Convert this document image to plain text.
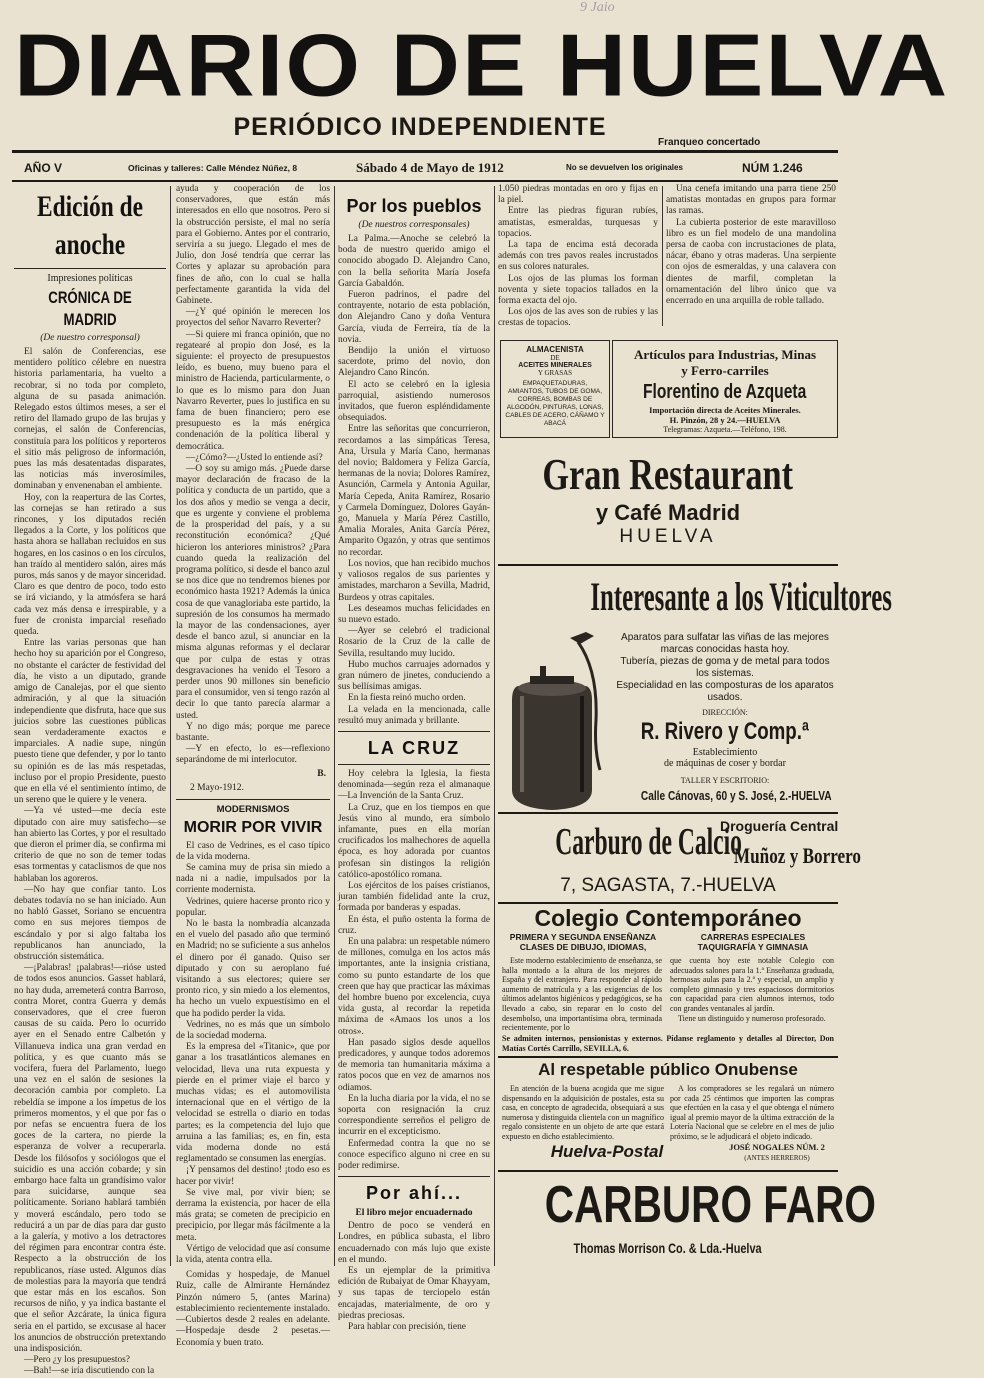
9 Jaio
DIARIO DE HUELVA
PERIÓDICO INDEPENDIENTE
Franqueo concertado
AÑO V	Oficinas y talleres: Calle Méndez Núñez, 8	Sábado 4 de Mayo de 1912	No se devuelven los originales	NÚM 1.246
Edición de anoche
Impresiones políticas
CRÓNICA DE MADRID
(De nuestro corresponsal)

El salón de Conferencias, ese mentidero político célebre en nuestra historia parlamentaria, ha vuelto a recobrar, si no toda por completo, alguna de su pasada animación. Relegado estos últimos meses, a ser el retiro del llamado grupo de las brujas y cornejas, el salón de Conferencias, constituía para los políticos y reporteros el sitio más peligroso de información, pues las más desatentadas disparates, las noticias más inverosímiles, dominaban y envenenaban el ambiente.

Hoy, con la reapertura de las Cortes, las cornejas se han retirado a sus rincones, y los diputados recién llegados a la Corte, y los políticos que hasta ahora se hallaban recluidos en sus hogares, en los casinos o en los círculos, han traído al mentidero salón, aires más puros, más sanos y de mayor sinceridad. Claro es que dentro de poco, todo esto se irá viciando, y la atmósfera se hará cada vez más densa e irrespirable, y a fuer de cronista imparcial reseñado queda.

Entre las varias personas que han hecho hoy su aparición por el Congreso, no obstante el carácter de festividad del día, he visto a un diputado, grande amigo de Canalejas, por el que siento admiración, y al que la situación independiente que disfruta, hace que sus juicios sobre las cuestiones públicas sean verdaderamente exactos e imparciales. A nadie supe, ningún puesto tiene que defender, y por lo tanto su opinión es de las más respetadas, incluso por el propio Presidente, puesto que en ella vé el sentimiento íntimo, de un sereno que le quiere y le venera.

—Ya vé usted—me decía este diputado con aire muy satisfecho—se han abierto las Cortes, y por el resultado que dieron el primer día, se confirma mi criterio de que no son de temer todas esas tormentas y cataclismos de que nos hablaban los agoreros.

—No hay que confiar tanto. Los debates todavía no se han iniciado. Aun no habló Gasset, Soriano se encuentra como en sus mejores tiempos de escándalo y por si algo faltaba los republicanos han anunciado, la obstrucción sistemática.

—¡Palabras! ¡palabras!—rióse usted de todos esos anuncios. Gasset hablará, no hay duda, arremeterá contra Barroso, contra Moret, contra Guerra y demás conservadores, que el cree fueron causas de su caída. Pero lo ocurrido ayer en el Senado entre Calbetón y Villanueva indica una gran verdad en política, y es que cuanto más se vocifera, fuera del Parlamento, luego una vez en el salón de sesiones la decoración cambia por completo. La rebeldía se impone a los ímpetus de los primeros momentos, y el que por fas o por nefas se encuentra fuera de los goces de la cartera, no pierde la esperanza de volver a recuperarla. Desde los filósofos y sociólogos que el suicidio es una acción cobarde; y sin embargo hace falta un grandísimo valor para suicidarse, aunque sea políticamente. Soriano hablará también y moverá escándalo, pero todo se reducirá a un par de días para dar gusto a la galería, y motivo a los detractores del régimen para encontrar contra éste. Respecto a la obstrucción de los republicanos, ríase usted. Algunos días de molestias para la mayoría que tendrá que estar más en los escaños. Son recursos de niño, y ya indica bastante el que el señor Azcárate, la única figura seria en el partido, se excusase al hacer los anuncios de obstrucción pretextando una indisposición.

—Pero ¿y los presupuestos?

—Bah!—se iría discutiendo con la

ayuda y cooperación de los conservadores, que están más interesados en ello que nosotros. Pero si la obstrucción persiste, el mal no sería para el Gobierno. Antes por el contrario, serviría a su juego. Llegado el mes de Julio, don José tendría que cerrar las Cortes y aplazar su aprobación para fines de año, con lo cual se halla perfectamente garantida la vida del Gabinete.

—¿Y qué opinión le merecen los proyectos del señor Navarro Reverter?

—Si quiere mi franca opinión, que no regatearé al propio don José, es la siguiente: el proyecto de presupuestos leído, es bueno, muy bueno para el ministro de Hacienda, particularmente, o lo que es lo mismo para don Juan Navarro Reverter, pues lo justifica en su fama de buen financiero; pero ese presupuesto es la más enérgica condenación de la política liberal y democrática.

—¿Cómo?—¿Usted lo entiende así?

—O soy su amigo más. ¿Puede darse mayor declaración de fracaso de la política y conducta de un partido, que a los dos años y medio se venga a decir, que es urgente y conviene el problema de la prosperidad del país, y a su reconstitución económica? ¿Qué hicieron los anteriores ministros? ¿Para cuando queda la realización del programa político, si desde el banco azul se nos dice que no tendremos bienes por económico hasta 1921? Además la única cosa de que vanagloriaba este partido, la supresión de los consumos ha mermado la mayor de las condensaciones, ayer desde el banco azul, si anunciar en la misma algunas reformas y el declarar que por culpa de estas y otras desgravaciones ha venido el Tesoro a perder unos 90 millones sin beneficio para el consumidor, ven si tengo razón al decir lo que tanto parecía alarmar a usted.

Y no digo más; porque me parece bastante.

—Y en efecto, lo es—reflexiono separándome de mi interlocutor.

B.
2 Mayo-1912.
MODERNISMOS
MORIR POR VIVIR

El caso de Vedrines, es el caso típico de la vida moderna.

Se camina muy de prisa sin miedo a nada ni a nadie, impulsados por la corriente modernista.

Vedrines, quiere hacerse pronto rico y popular.

No le basta la nombradía alcanzada en el vuelo del pasado año que terminó en Madrid; no se suficiente a sus anhelos el dinero por él ganado. Quiso ser diputado y con su aeroplano fué visitando a sus electores; quiere ser pronto rico, y sin miedo a los elementos, ha hecho un vuelo expuestísimo en el que ha podido perder la vida.

Vedrines, no es más que un símbolo de la sociedad moderna.

Es la empresa del «Titanic», que por ganar a los trasatlánticos alemanes en velocidad, lleva una ruta expuesta y pierde en el primer viaje el barco y muchas vidas; es el automovilista internacional que en el vértigo de la velocidad se estrella o diario en todas partes; es la competencia del lujo que arruina a las familias; es, en fin, esta vida moderna donde no está reglamentado se consumen las energías.

¡Y pensamos del destino! ¡todo eso es hacer por vivir!

Se vive mal, por vivir bien; se derrama la existencia, por hacer de ella más grata; se cometen de precipicio en precipicio, por llegar más fácilmente a la meta.

Vértigo de velocidad que así consume la vida, atenta contra ella.

Comidas y hospedaje, de Manuel Ruiz, calle de Almirante Hernández Pinzón número 5, (antes Marina) establecimiento recientemente instalado. —Cubiertos desde 2 reales en adelante. —Hospedaje desde 2 pesetas.—Economía y buen trato.

Por los pueblos
(De nuestros corresponsales)

La Palma.—Anoche se celebró la boda de nuestro querido amigo el conocido abogado D. Alejandro Cano, con la bella señorita María Josefa García Gabaldón.

Fueron padrinos, el padre del contrayente, notario de esta población, don Alejandro Cano y doña Ventura García, viuda de Ferreira, tía de la novia.

Bendijo la unión el virtuoso sacerdote, primo del novio, don Alejandro Cano Rincón.

El acto se celebró en la iglesia parroquial, asistiendo numerosos invitados, que fueron espléndidamente obsequiados.

Entre las señoritas que concurrieron, recordamos a las simpáticas Teresa, Ana, Ursula y María Cano, hermanas del novio; Baldomera y Feliza García, hermanas de la novia; Dolores Ramírez, Asunción, Carmela y Antonia Aguilar, María Cepeda, Anita Ramírez, Rosario y Carmela Domínguez, Dolores Gayán-go, Manuela y María Pérez Castillo, Amalia Morales, Anita García Pérez, Amparito Ogazón, y otras que sentimos no recordar.

Los novios, que han recibido muchos y valiosos regalos de sus parientes y amistades, marcharon a Sevilla, Madrid, Burdeos y otras capitales.

Les deseamos muchas felicidades en su nuevo estado.

—Ayer se celebró el tradicional Rosario de la Cruz de la calle de Sevilla, resultando muy lucido.

Hubo muchos carruajes adornados y gran número de jinetes, conduciendo a sus bellísimas amigas.

En la fiesta reinó mucho orden.

La velada en la mencionada, calle resultó muy animada y brillante.

LA CRUZ

Hoy celebra la Iglesia, la fiesta denominada—según reza el almanaque—La Invención de la Santa Cruz.

La Cruz, que en los tiempos en que Jesús vino al mundo, era símbolo infamante, pues en ella morían crucificados los malhechores de aquella época, es hoy adorada por cuantos profesan sin distingos la religión católico-apostólico romana.

Los ejércitos de los países cristianos, juran también fidelidad ante la cruz, formada por banderas y espadas.

En ésta, el puño ostenta la forma de cruz.

En una palabra: un respetable número de millones, comulga en los actos más importantes, ante la insignia cristiana, como su punto estandarte de los que creen que hay que practicar las máximas del hombre bueno por excelencia, cuya vida gusta, al recordar la repetida máxima de «Amaos los unos a los otros».

Han pasado siglos desde aquellos predicadores, y aunque todos adoremos de memoria tan humanitaria máxima a ratos pocos que en vez de amarnos nos odiamos.

En la lucha diaria por la vida, el no se soporta con resignación la cruz correspondiente serreños el peligro de incurrir en el excepticismo.

Enfermedad contra la que no se conoce específico alguno ni cree en su poder redimirse.

Por ahí...
El libro mejor encuadernado

Dentro de poco se venderá en Londres, en pública subasta, el libro encuadernado con más lujo que existe en el mundo.

Es un ejemplar de la primitiva edición de Rubaiyat de Omar Khayyam, y sus tapas de terciopelo están encajadas, materialmente, de oro y piedras preciosas.

Para hablar con precisión, tiene

1.050 piedras montadas en oro y fijas en la piel.

Entre las piedras figuran rubíes, amatistas, esmeraldas, turquesas y topacios.

La tapa de encima está decorada además con tres pavos reales incrustados en sus colores naturales.

Los ojos de las plumas los forman noventa y siete topacios tallados en la forma exacta del ojo.

Los ojos de las aves son de rubíes y las crestas de topacios.

Una cenefa imitando una parra tiene 250 amatistas montadas en grupos para formar las ramas.

La cubierta posterior de este maravilloso libro es un fiel modelo de una mandolina persa de caoba con incrustaciones de plata, nácar, ébano y otras maderas. Una serpiente con ojos de esmeraldas, y una calavera con dientes de marfil, completan la ornamentación del libro único que va encerrado en una arquilla de roble tallado.

ALMACENISTA

DE

ACEITES MINERALES

Y GRASAS

EMPAQUETADURAS, AMIANTOS, TUBOS DE GOMA, CORREAS, BOMBAS DE ALGODÓN, PINTURAS, LONAS, CABLES DE ACERO, CÁÑAMO Y ABACÁ

Artículos para Industrias, Minas

y Ferro-carriles

Florentino de Azqueta

Importación directa de Aceites Minerales.

H. Pinzón, 28 y 24.—HUELVA

Telegramas: Azqueta.—Teléfono, 198.

Gran Restaurant

y Café Madrid

HUELVA

Interesante a los Viticultores

Aparatos para sulfatar las viñas de las mejores marcas conocidas hasta hoy.

Tubería, piezas de goma y de metal para todos los sistemas.

Especialidad en las composturas de los aparatos usados.

DIRECCIÓN:

R. Rivero y Comp.ª

Establecimiento

de máquinas de coser y bordar

TALLER Y ESCRITORIO:

Calle Cánovas, 60 y S. José, 2.-HUELVA

Carburo de Calcio

Droguería Central

Muñoz y Borrero

7, SAGASTA, 7.-HUELVA

Colegio Contemporáneo

PRIMERA Y SEGUNDA ENSEÑANZA

CLASES DE DIBUJO, IDIOMAS,

CARRERAS ESPECIALES

TAQUIGRAFÍA Y GIMNASIA

Este moderno establecimiento de enseñanza, se halla montado a la altura de los mejores de España y del extranjero. Para responder al rápido aumento de matrícula y a las exigencias de los últimos adelantos higiénicos y pedagógicos, se ha llevado a cabo, sin reparar en lo costo del desembolso, una importantísima obra, terminada recientemente, por lo

que cuenta hoy este notable Colegio con adecuados salones para la 1.ª Enseñanza graduada, hermosas aulas para la 2.ª y especial, un amplio y completo gimnasio y tres espaciosos dormitorios con capacidad para cien alumnos internos, todo con grandes ventanales al jardín.

Tiene un distinguido y numeroso profesorado.

Se admiten internos, pensionistas y externos. Pídanse reglamento y detalles al Director, Don Matías Cortés Carrillo, SEVILLA, 6.

Al respetable público Onubense

En atención de la buena acogida que me sigue dispensando en la adquisición de postales, esta su casa, en concepto de agradecida, obsequiará a sus numerosa y distinguida clientela con un magnífico regalo consistente en un objeto de arte que estará expuesto en dicho establecimiento.

A los compradores se les regalará un número por cada 25 céntimos que importen las compras que efectúen en la casa y el que obtenga el número igual al premio mayor de la última extracción de la Lotería Nacional que se celebre en el mes de julio próximo, se le adjudicará el objeto indicado.

Huelva-Postal	JOSÉ NOGALES NÚM. 2

(ANTES HERREROS)

CARBURO FARO

Thomas Morrison Co. & Lda.-Huelva
